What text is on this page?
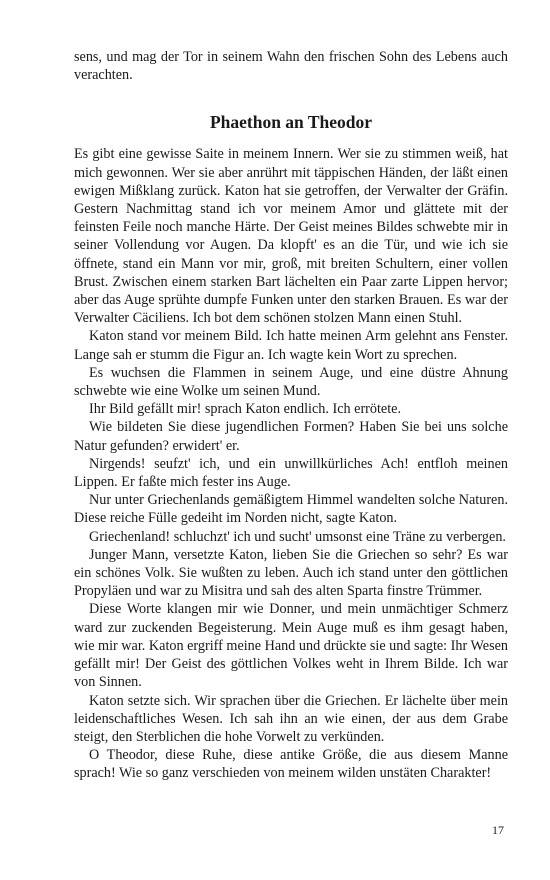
sens, und mag der Tor in seinem Wahn den frischen Sohn des Lebens auch verachten.

Phaethon an Theodor

Es gibt eine gewisse Saite in meinem Innern. Wer sie zu stimmen weiß, hat mich gewonnen. Wer sie aber anrührt mit täppischen Händen, der läßt einen ewigen Mißklang zurück. Katon hat sie getroffen, der Verwalter der Gräfin. Gestern Nachmittag stand ich vor meinem Amor und glättete mit der feinsten Feile noch manche Härte. Der Geist meines Bildes schwebte mir in seiner Vollendung vor Augen. Da klopft' es an die Tür, und wie ich sie öffnete, stand ein Mann vor mir, groß, mit breiten Schultern, einer vollen Brust. Zwischen einem starken Bart lächelten ein Paar zarte Lippen hervor; aber das Auge sprühte dumpfe Funken unter den starken Brauen. Es war der Verwalter Cäciliens. Ich bot dem schönen stolzen Mann einen Stuhl.

Katon stand vor meinem Bild. Ich hatte meinen Arm gelehnt ans Fenster. Lange sah er stumm die Figur an. Ich wagte kein Wort zu sprechen.

Es wuchsen die Flammen in seinem Auge, und eine düstre Ahnung schwebte wie eine Wolke um seinen Mund.

Ihr Bild gefällt mir! sprach Katon endlich. Ich errötete.

Wie bildeten Sie diese jugendlichen Formen? Haben Sie bei uns solche Natur gefunden? erwidert' er.

Nirgends! seufzt' ich, und ein unwillkürliches Ach! entfloh meinen Lippen. Er faßte mich fester ins Auge.

Nur unter Griechenlands gemäßigtem Himmel wandelten solche Naturen. Diese reiche Fülle gedeiht im Norden nicht, sagte Katon.

Griechenland! schluchzt' ich und sucht' umsonst eine Träne zu verbergen.

Junger Mann, versetzte Katon, lieben Sie die Griechen so sehr? Es war ein schönes Volk. Sie wußten zu leben. Auch ich stand unter den göttlichen Propyläen und war zu Misitra und sah des alten Sparta finstre Trümmer.

Diese Worte klangen mir wie Donner, und mein unmächtiger Schmerz ward zur zuckenden Begeisterung. Mein Auge muß es ihm gesagt haben, wie mir war. Katon ergriff meine Hand und drückte sie und sagte: Ihr Wesen gefällt mir! Der Geist des göttlichen Volkes weht in Ihrem Bilde. Ich war von Sinnen.

Katon setzte sich. Wir sprachen über die Griechen. Er lächelte über mein leidenschaftliches Wesen. Ich sah ihn an wie einen, der aus dem Grabe steigt, den Sterblichen die hohe Vorwelt zu verkünden.

O Theodor, diese Ruhe, diese antike Größe, die aus diesem Manne sprach! Wie so ganz verschieden von meinem wilden unstäten Charakter!

17
